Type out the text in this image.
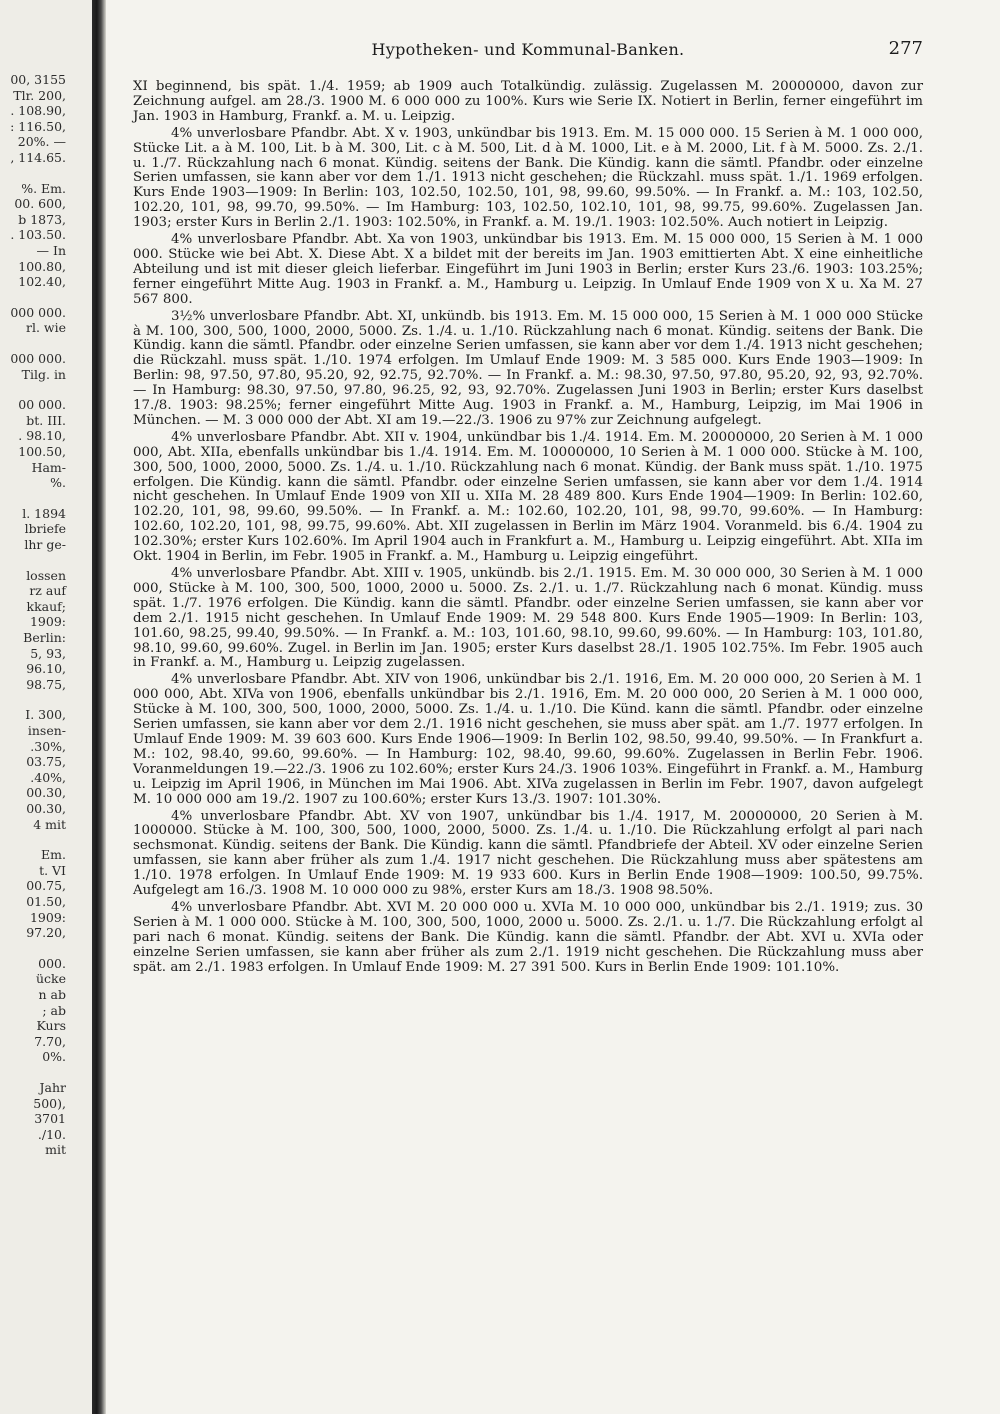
00, 3155
Tlr. 200,
. 108.90,
: 116.50,
20%. —
, 114.65.
%. Em.
00. 600,
b 1873,
. 103.50.
— In
100.80,
102.40,
000 000.
rl. wie
000 000.
Tilg. in
00 000.
bt. III.
. 98.10,
100.50,
Ham-
%.
l. 1894
lbriefe
lhr ge-
lossen
rz auf
kkauf;
1909:
Berlin:
5, 93,
96.10,
98.75,
I. 300,
insen-
.30%,
03.75,
.40%,
00.30,
00.30,
4 mit
Em.
t. VI
00.75,
01.50,
1909:
97.20,
000.
ücke
n ab
; ab
Kurs
7.70,
0%.
Jahr
500),
3701
./10.
mit
Hypotheken- und Kommunal-Banken.	277

XI beginnend, bis spät. 1./4. 1959; ab 1909 auch Totalkündig. zulässig. Zugelassen M. 20000000, davon zur Zeichnung aufgel. am 28./3. 1900 M. 6 000 000 zu 100%. Kurs wie Serie IX. Notiert in Berlin, ferner eingeführt im Jan. 1903 in Hamburg, Frankf. a. M. u. Leipzig.

4% unverlosbare Pfandbr. Abt. X v. 1903, unkündbar bis 1913. Em. M. 15 000 000. 15 Serien à M. 1 000 000, Stücke Lit. a à M. 100, Lit. b à M. 300, Lit. c à M. 500, Lit. d à M. 1000, Lit. e à M. 2000, Lit. f à M. 5000. Zs. 2./1. u. 1./7. Rückzahlung nach 6 monat. Kündig. seitens der Bank. Die Kündig. kann die sämtl. Pfandbr. oder einzelne Serien umfassen, sie kann aber vor dem 1./1. 1913 nicht geschehen; die Rückzahl. muss spät. 1./1. 1969 erfolgen. Kurs Ende 1903—1909: In Berlin: 103, 102.50, 102.50, 101, 98, 99.60, 99.50%. — In Frankf. a. M.: 103, 102.50, 102.20, 101, 98, 99.70, 99.50%. — Im Hamburg: 103, 102.50, 102.10, 101, 98, 99.75, 99.60%. Zugelassen Jan. 1903; erster Kurs in Berlin 2./1. 1903: 102.50%, in Frankf. a. M. 19./1. 1903: 102.50%. Auch notiert in Leipzig.

4% unverlosbare Pfandbr. Abt. Xa von 1903, unkündbar bis 1913. Em. M. 15 000 000, 15 Serien à M. 1 000 000. Stücke wie bei Abt. X. Diese Abt. X a bildet mit der bereits im Jan. 1903 emittierten Abt. X eine einheitliche Abteilung und ist mit dieser gleich lieferbar. Eingeführt im Juni 1903 in Berlin; erster Kurs 23./6. 1903: 103.25%; ferner eingeführt Mitte Aug. 1903 in Frankf. a. M., Hamburg u. Leipzig. In Umlauf Ende 1909 von X u. Xa M. 27 567 800.

3½% unverlosbare Pfandbr. Abt. XI, unkündb. bis 1913. Em. M. 15 000 000, 15 Serien à M. 1 000 000 Stücke à M. 100, 300, 500, 1000, 2000, 5000. Zs. 1./4. u. 1./10. Rückzahlung nach 6 monat. Kündig. seitens der Bank. Die Kündig. kann die sämtl. Pfandbr. oder einzelne Serien umfassen, sie kann aber vor dem 1./4. 1913 nicht geschehen; die Rückzahl. muss spät. 1./10. 1974 erfolgen. Im Umlauf Ende 1909: M. 3 585 000. Kurs Ende 1903—1909: In Berlin: 98, 97.50, 97.80, 95.20, 92, 92.75, 92.70%. — In Frankf. a. M.: 98.30, 97.50, 97.80, 95.20, 92, 93, 92.70%. — In Hamburg: 98.30, 97.50, 97.80, 96.25, 92, 93, 92.70%. Zugelassen Juni 1903 in Berlin; erster Kurs daselbst 17./8. 1903: 98.25%; ferner eingeführt Mitte Aug. 1903 in Frankf. a. M., Hamburg, Leipzig, im Mai 1906 in München. — M. 3 000 000 der Abt. XI am 19.—22./3. 1906 zu 97% zur Zeichnung aufgelegt.

4% unverlosbare Pfandbr. Abt. XII v. 1904, unkündbar bis 1./4. 1914. Em. M. 20000000, 20 Serien à M. 1 000 000, Abt. XIIa, ebenfalls unkündbar bis 1./4. 1914. Em. M. 10000000, 10 Serien à M. 1 000 000. Stücke à M. 100, 300, 500, 1000, 2000, 5000. Zs. 1./4. u. 1./10. Rückzahlung nach 6 monat. Kündig. der Bank muss spät. 1./10. 1975 erfolgen. Die Kündig. kann die sämtl. Pfandbr. oder einzelne Serien umfassen, sie kann aber vor dem 1./4. 1914 nicht geschehen. In Umlauf Ende 1909 von XII u. XIIa M. 28 489 800. Kurs Ende 1904—1909: In Berlin: 102.60, 102.20, 101, 98, 99.60, 99.50%. — In Frankf. a. M.: 102.60, 102.20, 101, 98, 99.70, 99.60%. — In Hamburg: 102.60, 102.20, 101, 98, 99.75, 99.60%. Abt. XII zugelassen in Berlin im März 1904. Voranmeld. bis 6./4. 1904 zu 102.30%; erster Kurs 102.60%. Im April 1904 auch in Frankfurt a. M., Hamburg u. Leipzig eingeführt. Abt. XIIa im Okt. 1904 in Berlin, im Febr. 1905 in Frankf. a. M., Hamburg u. Leipzig eingeführt.

4% unverlosbare Pfandbr. Abt. XIII v. 1905, unkündb. bis 2./1. 1915. Em. M. 30 000 000, 30 Serien à M. 1 000 000, Stücke à M. 100, 300, 500, 1000, 2000 u. 5000. Zs. 2./1. u. 1./7. Rückzahlung nach 6 monat. Kündig. muss spät. 1./7. 1976 erfolgen. Die Kündig. kann die sämtl. Pfandbr. oder einzelne Serien umfassen, sie kann aber vor dem 2./1. 1915 nicht geschehen. In Umlauf Ende 1909: M. 29 548 800. Kurs Ende 1905—1909: In Berlin: 103, 101.60, 98.25, 99.40, 99.50%. — In Frankf. a. M.: 103, 101.60, 98.10, 99.60, 99.60%. — In Hamburg: 103, 101.80, 98.10, 99.60, 99.60%. Zugel. in Berlin im Jan. 1905; erster Kurs daselbst 28./1. 1905 102.75%. Im Febr. 1905 auch in Frankf. a. M., Hamburg u. Leipzig zugelassen.

4% unverlosbare Pfandbr. Abt. XIV von 1906, unkündbar bis 2./1. 1916, Em. M. 20 000 000, 20 Serien à M. 1 000 000, Abt. XIVa von 1906, ebenfalls unkündbar bis 2./1. 1916, Em. M. 20 000 000, 20 Serien à M. 1 000 000, Stücke à M. 100, 300, 500, 1000, 2000, 5000. Zs. 1./4. u. 1./10. Die Künd. kann die sämtl. Pfandbr. oder einzelne Serien umfassen, sie kann aber vor dem 2./1. 1916 nicht geschehen, sie muss aber spät. am 1./7. 1977 erfolgen. In Umlauf Ende 1909: M. 39 603 600. Kurs Ende 1906—1909: In Berlin 102, 98.50, 99.40, 99.50%. — In Frankfurt a. M.: 102, 98.40, 99.60, 99.60%. — In Hamburg: 102, 98.40, 99.60, 99.60%. Zugelassen in Berlin Febr. 1906. Voranmeldungen 19.—22./3. 1906 zu 102.60%; erster Kurs 24./3. 1906 103%. Eingeführt in Frankf. a. M., Hamburg u. Leipzig im April 1906, in München im Mai 1906. Abt. XIVa zugelassen in Berlin im Febr. 1907, davon aufgelegt M. 10 000 000 am 19./2. 1907 zu 100.60%; erster Kurs 13./3. 1907: 101.30%.

4% unverlosbare Pfandbr. Abt. XV von 1907, unkündbar bis 1./4. 1917, M. 20000000, 20 Serien à M. 1000000. Stücke à M. 100, 300, 500, 1000, 2000, 5000. Zs. 1./4. u. 1./10. Die Rückzahlung erfolgt al pari nach sechsmonat. Kündig. seitens der Bank. Die Kündig. kann die sämtl. Pfandbriefe der Abteil. XV oder einzelne Serien umfassen, sie kann aber früher als zum 1./4. 1917 nicht geschehen. Die Rückzahlung muss aber spätestens am 1./10. 1978 erfolgen. In Umlauf Ende 1909: M. 19 933 600. Kurs in Berlin Ende 1908—1909: 100.50, 99.75%. Aufgelegt am 16./3. 1908 M. 10 000 000 zu 98%, erster Kurs am 18./3. 1908 98.50%.

4% unverlosbare Pfandbr. Abt. XVI M. 20 000 000 u. XVIa M. 10 000 000, unkündbar bis 2./1. 1919; zus. 30 Serien à M. 1 000 000. Stücke à M. 100, 300, 500, 1000, 2000 u. 5000. Zs. 2./1. u. 1./7. Die Rückzahlung erfolgt al pari nach 6 monat. Kündig. seitens der Bank. Die Kündig. kann die sämtl. Pfandbr. der Abt. XVI u. XVIa oder einzelne Serien umfassen, sie kann aber früher als zum 2./1. 1919 nicht geschehen. Die Rückzahlung muss aber spät. am 2./1. 1983 erfolgen. In Umlauf Ende 1909: M. 27 391 500. Kurs in Berlin Ende 1909: 101.10%.
